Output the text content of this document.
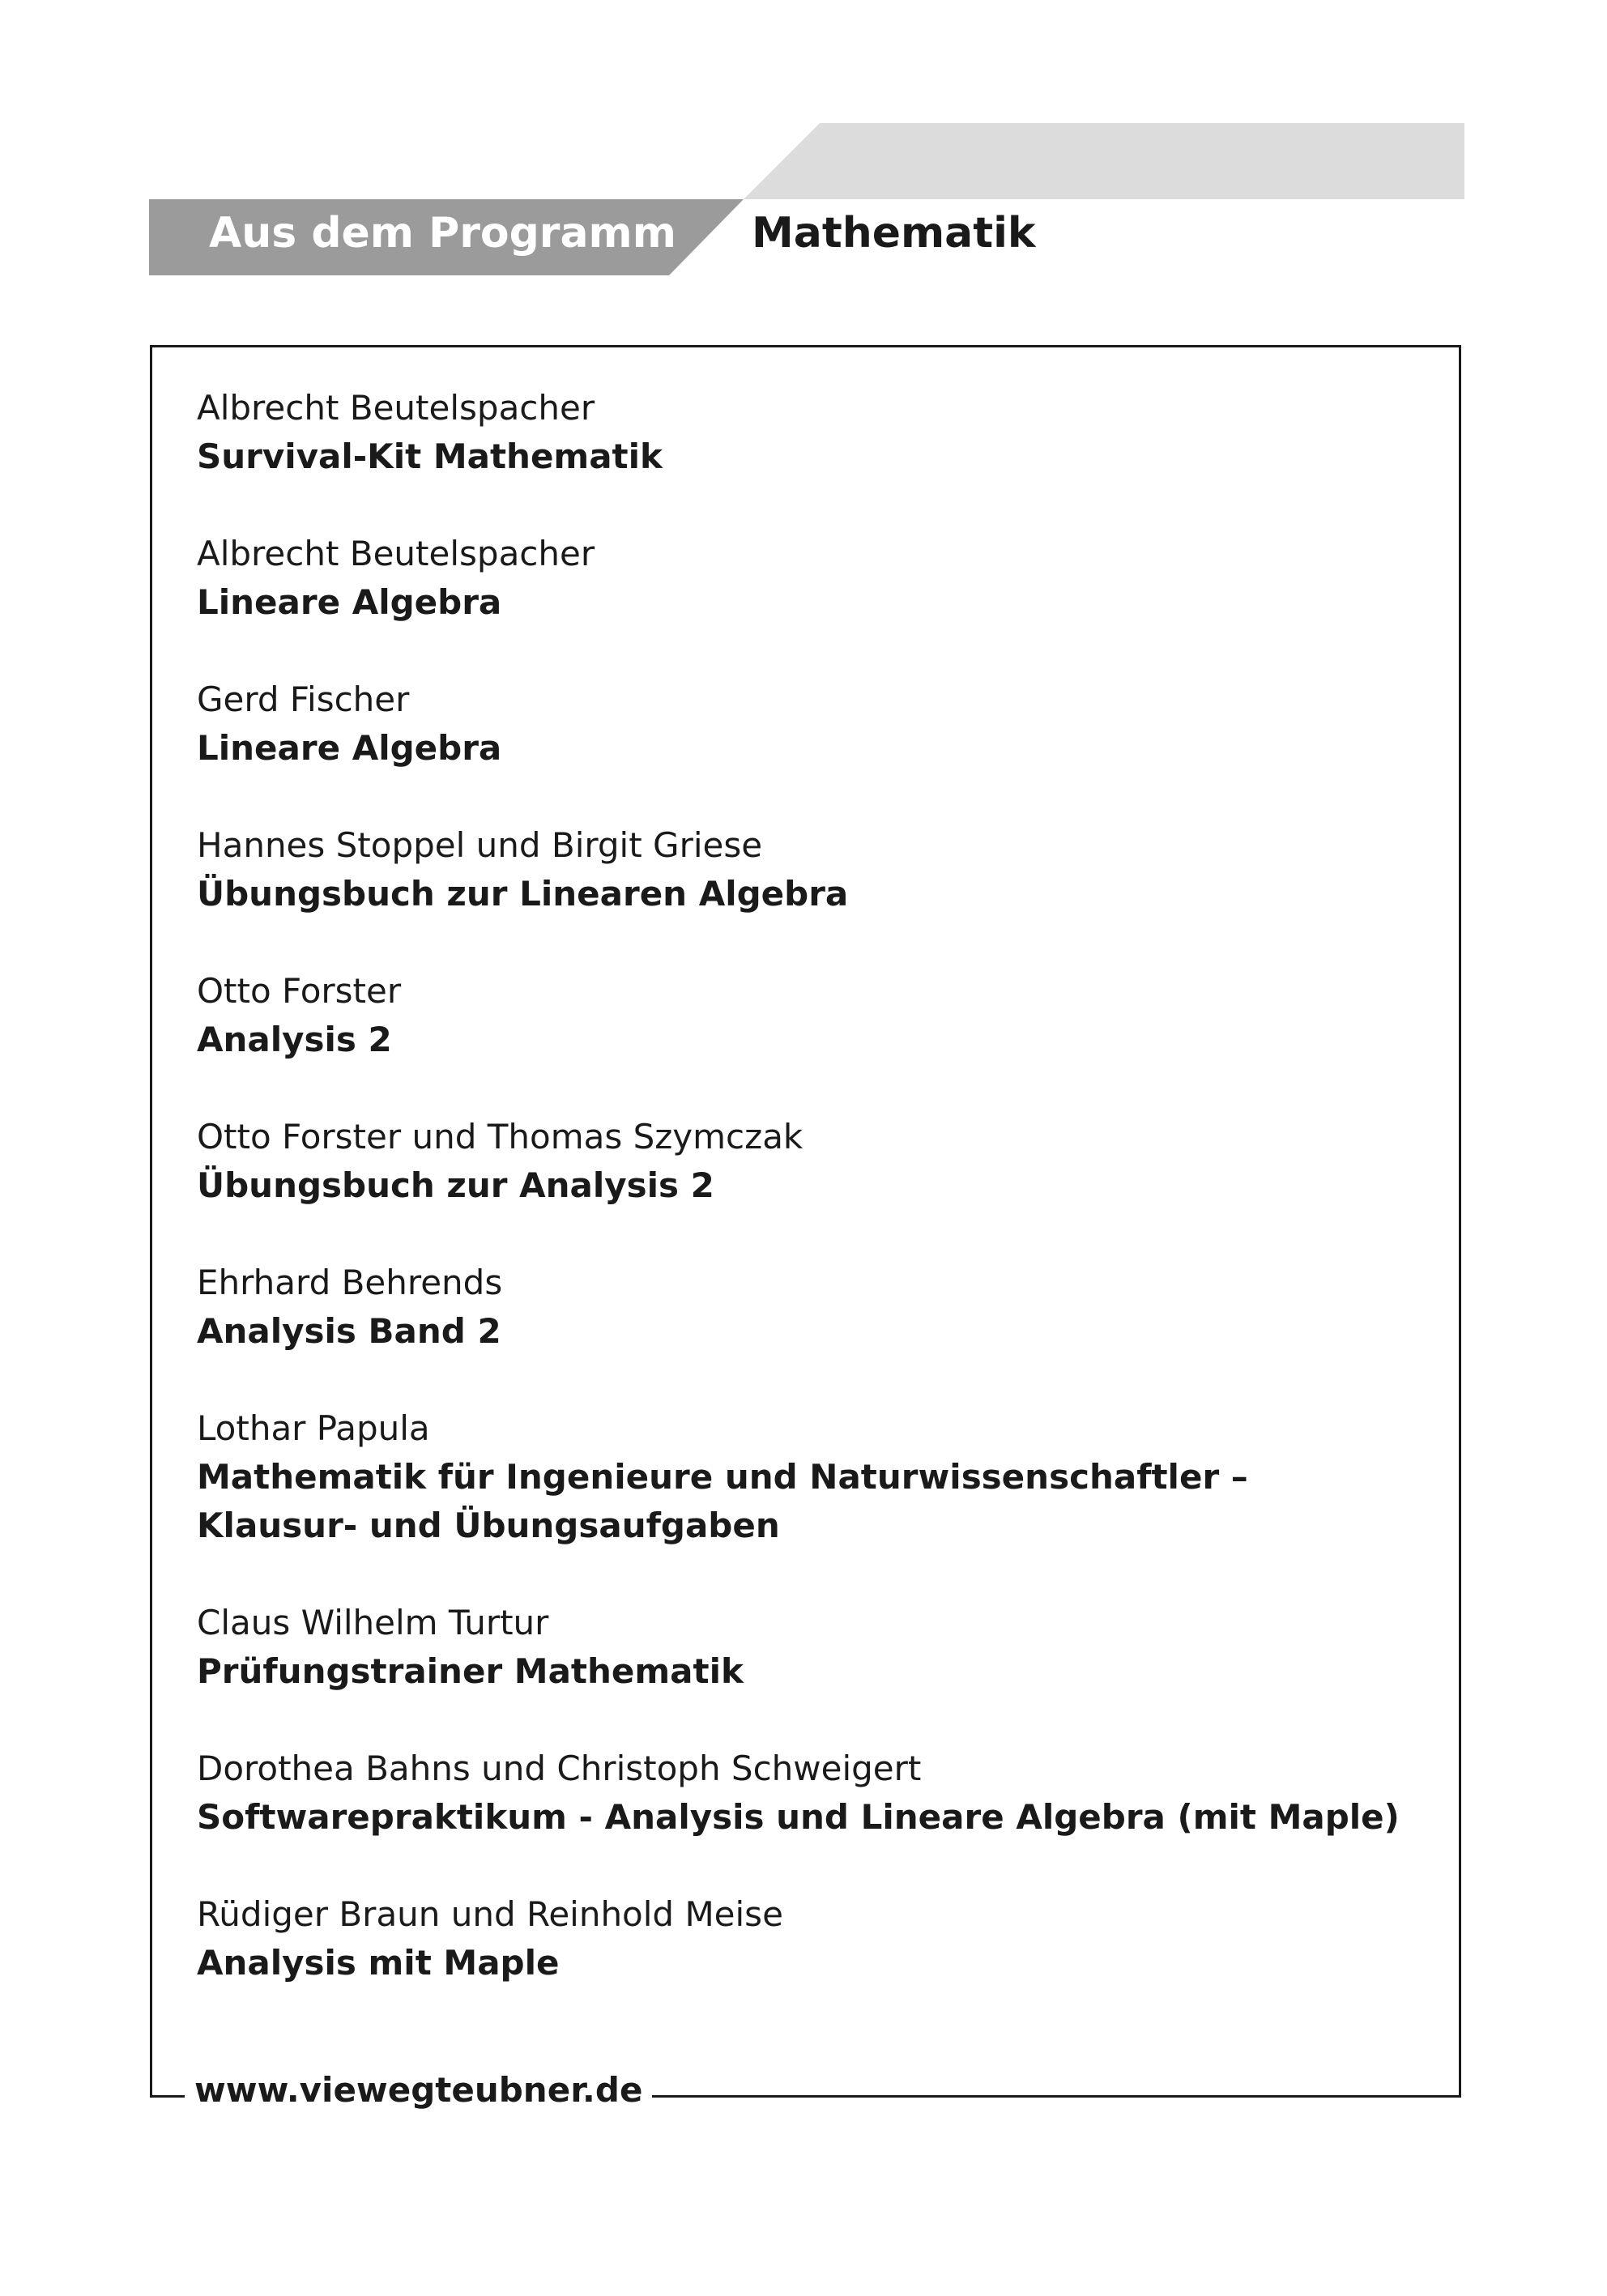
Aus dem Programm Mathematik
Albrecht Beutelspacher
Survival-Kit Mathematik
Albrecht Beutelspacher
Lineare Algebra
Gerd Fischer
Lineare Algebra
Hannes Stoppel und Birgit Griese
Übungsbuch zur Linearen Algebra
Otto Forster
Analysis 2
Otto Forster und Thomas Szymczak
Übungsbuch zur Analysis 2
Ehrhard Behrends
Analysis Band 2
Lothar Papula
Mathematik für Ingenieure und Naturwissenschaftler –
Klausur- und Übungsaufgaben
Claus Wilhelm Turtur
Prüfungstrainer Mathematik
Dorothea Bahns und Christoph Schweigert
Softwarepraktikum - Analysis und Lineare Algebra (mit Maple)
Rüdiger Braun und Reinhold Meise
Analysis mit Maple
www.viewegteubner.de
